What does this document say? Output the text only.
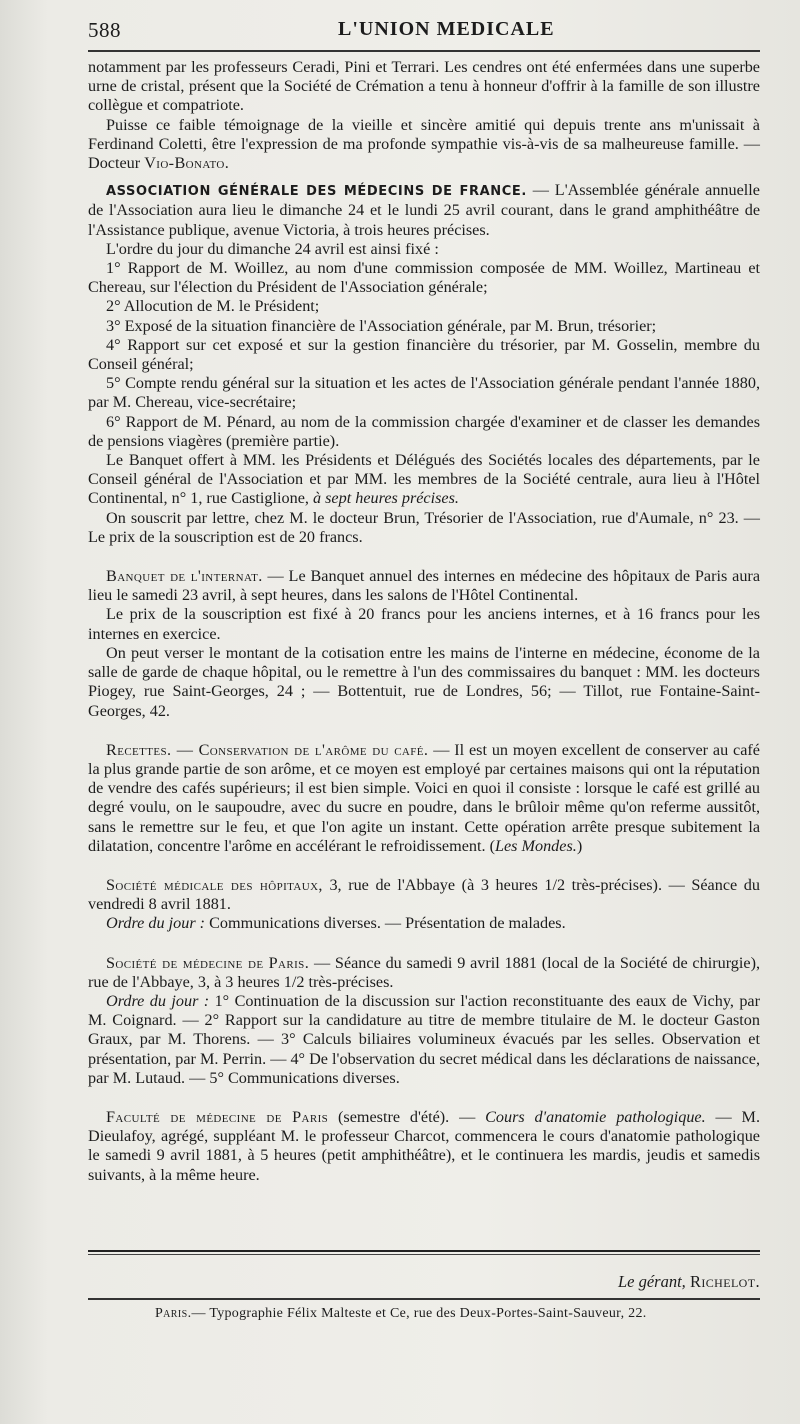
588	L'UNION MEDICALE

notamment par les professeurs Ceradi, Pini et Terrari. Les cendres ont été enfermées dans une superbe urne de cristal, présent que la Société de Crémation a tenu à honneur d'offrir à la famille de son illustre collègue et compatriote.

Puisse ce faible témoignage de la vieille et sincère amitié qui depuis trente ans m'unissait à Ferdinand Coletti, être l'expression de ma profonde sympathie vis-à-vis de sa malheureuse famille. — Docteur Vio-Bonato.

ASSOCIATION GÉNÉRALE DES MÉDECINS DE FRANCE. — L'Assemblée générale annuelle de l'Association aura lieu le dimanche 24 et le lundi 25 avril courant, dans le grand amphithéâtre de l'Assistance publique, avenue Victoria, à trois heures précises.

L'ordre du jour du dimanche 24 avril est ainsi fixé :

1° Rapport de M. Woillez, au nom d'une commission composée de MM. Woillez, Martineau et Chereau, sur l'élection du Président de l'Association générale;

2° Allocution de M. le Président;

3° Exposé de la situation financière de l'Association générale, par M. Brun, trésorier;

4° Rapport sur cet exposé et sur la gestion financière du trésorier, par M. Gosselin, membre du Conseil général;

5° Compte rendu général sur la situation et les actes de l'Association générale pendant l'année 1880, par M. Chereau, vice-secrétaire;

6° Rapport de M. Pénard, au nom de la commission chargée d'examiner et de classer les demandes de pensions viagères (première partie).

Le Banquet offert à MM. les Présidents et Délégués des Sociétés locales des départements, par le Conseil général de l'Association et par MM. les membres de la Société centrale, aura lieu à l'Hôtel Continental, n° 1, rue Castiglione, à sept heures précises.

On souscrit par lettre, chez M. le docteur Brun, Trésorier de l'Association, rue d'Aumale, n° 23. — Le prix de la souscription est de 20 francs.

Banquet de l'internat. — Le Banquet annuel des internes en médecine des hôpitaux de Paris aura lieu le samedi 23 avril, à sept heures, dans les salons de l'Hôtel Continental.

Le prix de la souscription est fixé à 20 francs pour les anciens internes, et à 16 francs pour les internes en exercice.

On peut verser le montant de la cotisation entre les mains de l'interne en médecine, économe de la salle de garde de chaque hôpital, ou le remettre à l'un des commissaires du banquet : MM. les docteurs Piogey, rue Saint-Georges, 24 ; — Bottentuit, rue de Londres, 56; — Tillot, rue Fontaine-Saint-Georges, 42.

Recettes. — Conservation de l'arôme du café. — Il est un moyen excellent de conserver au café la plus grande partie de son arôme, et ce moyen est employé par certaines maisons qui ont la réputation de vendre des cafés supérieurs; il est bien simple. Voici en quoi il consiste : lorsque le café est grillé au degré voulu, on le saupoudre, avec du sucre en poudre, dans le brûloir même qu'on referme aussitôt, sans le remettre sur le feu, et que l'on agite un instant. Cette opération arrête presque subitement la dilatation, concentre l'arôme en accélérant le refroidissement. (Les Mondes.)

Société médicale des hôpitaux, 3, rue de l'Abbaye (à 3 heures 1/2 très-précises). — Séance du vendredi 8 avril 1881.

Ordre du jour : Communications diverses. — Présentation de malades.

Société de médecine de Paris. — Séance du samedi 9 avril 1881 (local de la Société de chirurgie), rue de l'Abbaye, 3, à 3 heures 1/2 très-précises.

Ordre du jour : 1° Continuation de la discussion sur l'action reconstituante des eaux de Vichy, par M. Coignard. — 2° Rapport sur la candidature au titre de membre titulaire de M. le docteur Gaston Graux, par M. Thorens. — 3° Calculs biliaires volumineux évacués par les selles. Observation et présentation, par M. Perrin. — 4° De l'observation du secret médical dans les déclarations de naissance, par M. Lutaud. — 5° Communications diverses.

Faculté de médecine de Paris (semestre d'été). — Cours d'anatomie pathologique. — M. Dieulafoy, agrégé, suppléant M. le professeur Charcot, commencera le cours d'anatomie pathologique le samedi 9 avril 1881, à 5 heures (petit amphithéâtre), et le continuera les mardis, jeudis et samedis suivants, à la même heure.

Le gérant, Richelot.
Paris.— Typographie Félix Malteste et Ce, rue des Deux-Portes-Saint-Sauveur, 22.
